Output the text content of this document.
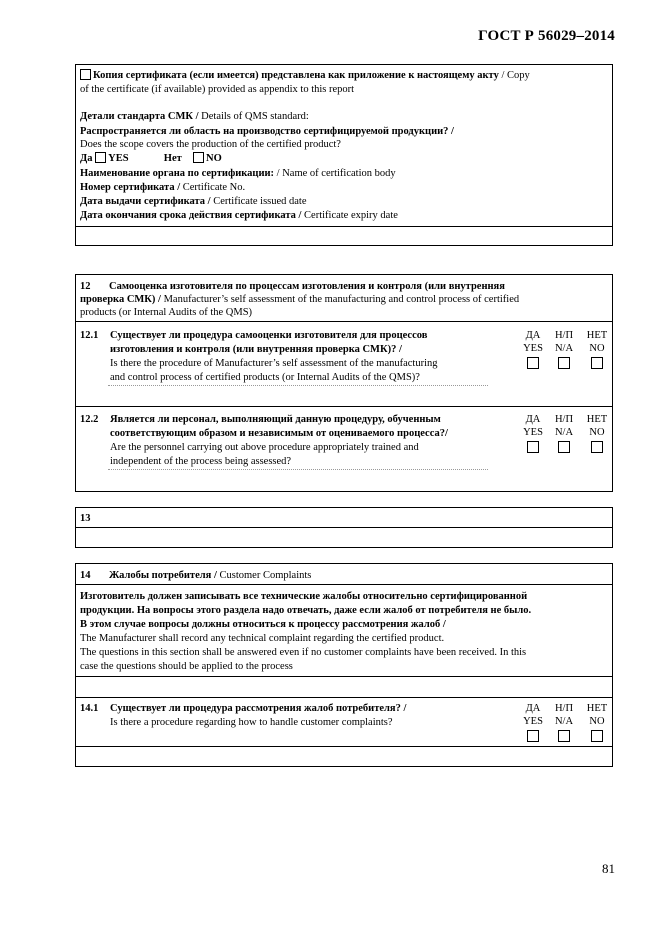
ГОСТ Р 56029–2014
Копия сертификата (если имеется) представлена как приложение к настоящему акту / Copy
of the certificate (if available) provided as appendix to this report
Детали стандарта СМК / Details of QMS standard:
Распространяется ли область на производство сертифицируемой продукции? /
Does the scope covers the production of the certified product?
Да YES	Нет NO
Наименование органа по сертификации: / Name of certification body
Номер сертификата / Certificate No.
Дата выдачи сертификата / Certificate issued date
Дата окончания срока действия сертификата / Certificate expiry date
12 Самооценка изготовителя по процессам изготовления и контроля (или внутренняя
проверка СМК) / Manufacturer’s self assessment of the manufacturing and control process of certified
products (or Internal Audits of the QMS)
12.1 Существует ли процедура самооценки изготовителя для процессов
изготовления и контроля (или внутренняя проверка СМК)? /
Is there the procedure of Manufacturer’s self assessment of the manufacturing
and control process of certified products (or Internal Audits of the QMS)?
ДА
YES
Н/П
N/A
НЕТ
NO
12.2 Является ли персонал, выполняющий данную процедуру, обученным
соответствующим образом и независимым от оцениваемого процесса?/
Are the personnel carrying out above procedure appropriately trained and
independent of the process being assessed?
ДА
YES
Н/П
N/A
НЕТ
NO
13
14 Жалобы потребителя / Customer Complaints
Изготовитель должен записывать все технические жалобы относительно сертифицированной
продукции. На вопросы этого раздела надо отвечать, даже если жалоб от потребителя не было.
В этом случае вопросы должны относиться к процессу рассмотрения жалоб /
The Manufacturer shall record any technical complaint regarding the certified product.
The questions in this section shall be answered even if no customer complaints have been received. In this
case the questions should be applied to the process
14.1 Существует ли процедура рассмотрения жалоб потребителя? /
Is there a procedure regarding how to handle customer complaints?
ДА
YES
Н/П
N/A
НЕТ
NO
81
